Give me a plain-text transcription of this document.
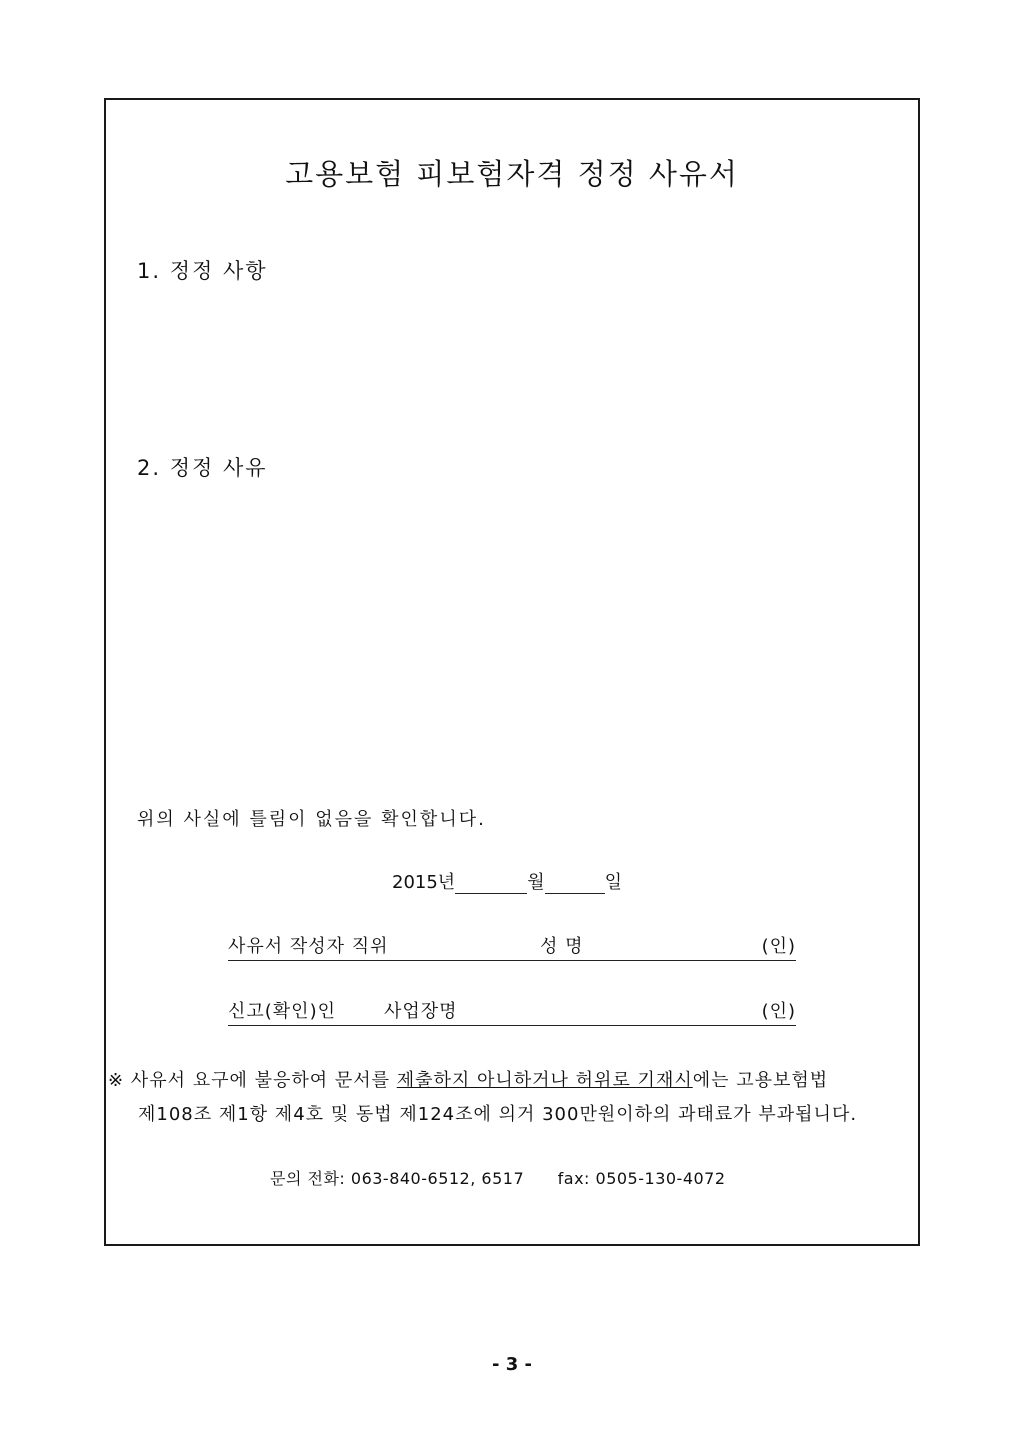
고용보험 피보험자격 정정 사유서
1. 정정 사항
2. 정정 사유
위의 사실에 틀림이 없음을 확인합니다.
2015년	월	일
사유서 작성자 직위	성 명	(인)
신고(확인)인	사업장명	(인)
※ 사유서 요구에 불응하여 문서를 제출하지 아니하거나 허위로 기재시에는 고용보험법
제108조 제1항 제4호 및 동법 제124조에 의거 300만원이하의 과태료가 부과됩니다.
문의 전화: 063-840-6512, 6517      fax: 0505-130-4072
- 3 -
